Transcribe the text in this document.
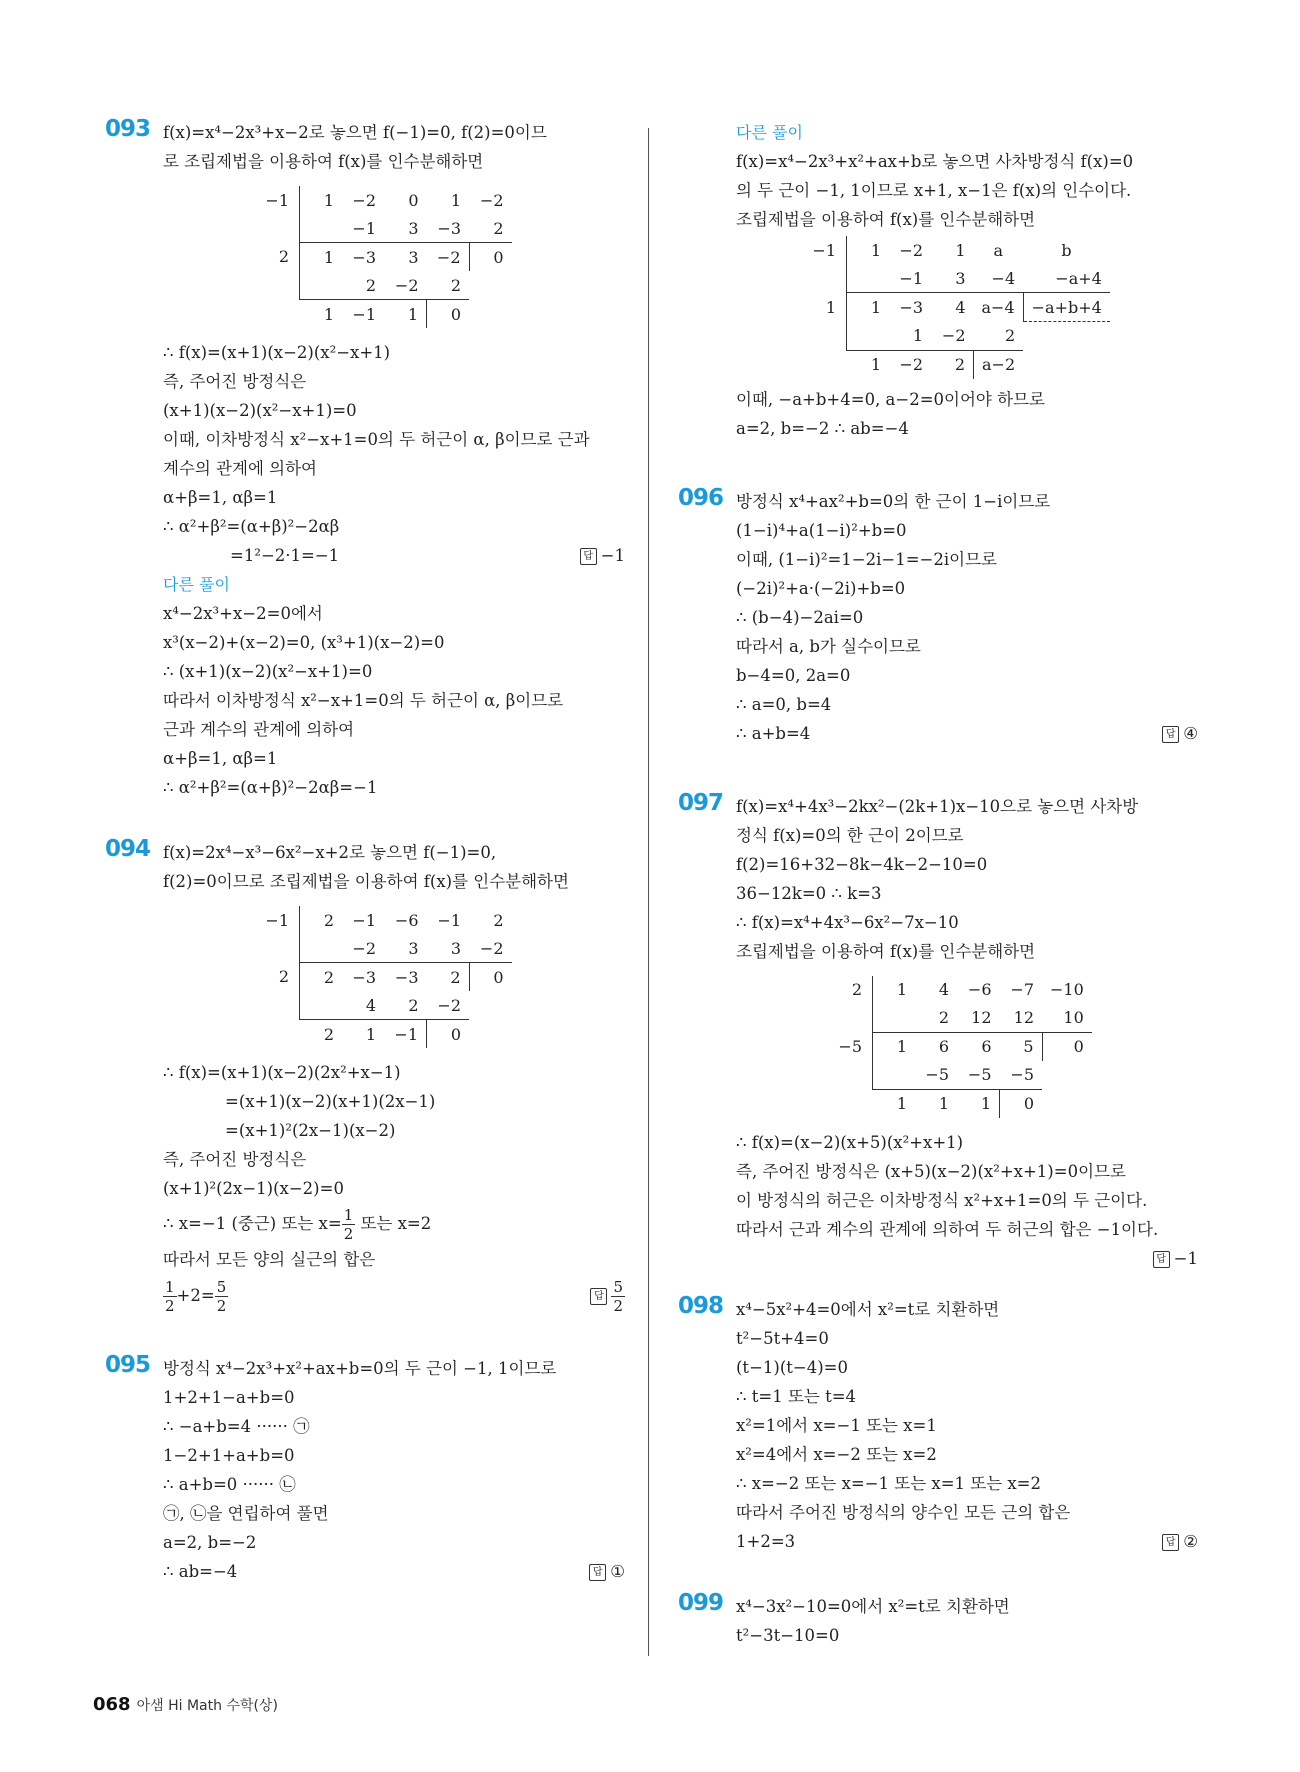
093 f(x)=x⁴−2x³+x−2로 놓으면 f(−1)=0, f(2)=0이므
로 조립제법을 이용하여 f(x)를 인수분해하면
−1	1	−2	0	1	−2
		−1	3	−3	2
2	1	−3	3	−2	0
		2	−2	2	
	1	−1	1	0	
∴ f(x)=(x+1)(x−2)(x²−x+1)
즉, 주어진 방정식은
(x+1)(x−2)(x²−x+1)=0
이때, 이차방정식 x²−x+1=0의 두 허근이 α, β이므로 근과
계수의 관계에 의하여
α+β=1, αβ=1
∴ α²+β²=(α+β)²−2αβ
=1²−2·1=−1	답 −1
다른 풀이
x⁴−2x³+x−2=0에서
x³(x−2)+(x−2)=0, (x³+1)(x−2)=0
∴ (x+1)(x−2)(x²−x+1)=0
따라서 이차방정식 x²−x+1=0의 두 허근이 α, β이므로
근과 계수의 관계에 의하여
α+β=1, αβ=1
∴ α²+β²=(α+β)²−2αβ=−1
094 f(x)=2x⁴−x³−6x²−x+2로 놓으면 f(−1)=0,
f(2)=0이므로 조립제법을 이용하여 f(x)를 인수분해하면
−1	2	−1	−6	−1	2
		−2	3	3	−2
2	2	−3	−3	2	0
		4	2	−2	
	2	1	−1	0	
∴ f(x)=(x+1)(x−2)(2x²+x−1)
=(x+1)(x−2)(x+1)(2x−1)
=(x+1)²(2x−1)(x−2)
즉, 주어진 방정식은
(x+1)²(2x−1)(x−2)=0
∴ x=−1 (중근) 또는 $x= \frac{1}{2}$ 또는 x=2
따라서 모든 양의 실근의 합은
$\frac{1}{2} +2= \frac{5}{2}$	답 $\frac{5}{2}$
095 방정식 x⁴−2x³+x²+ax+b=0의 두 근이 −1, 1이므로
1+2+1−a+b=0
∴ −a+b=4 ······ ㉠
1−2+1+a+b=0
∴ a+b=0 ······ ㉡
㉠, ㉡을 연립하여 풀면
a=2, b=−2
∴ ab=−4	답 ①
다른 풀이
f(x)=x⁴−2x³+x²+ax+b로 놓으면 사차방정식 f(x)=0
의 두 근이 −1, 1이므로 x+1, x−1은 f(x)의 인수이다.
조립제법을 이용하여 f(x)를 인수분해하면
−1	1	−2	1	a	b
		−1	3	−4	−a+4
1	1	−3	4	a−4	−a+b+4
		1	−2	2	
	1	−2	2	a−2	
이때, −a+b+4=0, a−2=0이어야 하므로
a=2, b=−2 ∴ ab=−4
096 방정식 x⁴+ax²+b=0의 한 근이 1−i이므로
(1−i)⁴+a(1−i)²+b=0
이때, (1−i)²=1−2i−1=−2i이므로
(−2i)²+a·(−2i)+b=0
∴ (b−4)−2ai=0
따라서 a, b가 실수이므로
b−4=0, 2a=0
∴ a=0, b=4
∴ a+b=4	답 ④
097 f(x)=x⁴+4x³−2kx²−(2k+1)x−10으로 놓으면 사차방
정식 f(x)=0의 한 근이 2이므로
f(2)=16+32−8k−4k−2−10=0
36−12k=0 ∴ k=3
∴ f(x)=x⁴+4x³−6x²−7x−10
조립제법을 이용하여 f(x)를 인수분해하면
2	1	4	−6	−7	−10
		2	12	12	10
−5	1	6	6	5	0
		−5	−5	−5	
	1	1	1	0	
∴ f(x)=(x−2)(x+5)(x²+x+1)
즉, 주어진 방정식은 (x+5)(x−2)(x²+x+1)=0이므로
이 방정식의 허근은 이차방정식 x²+x+1=0의 두 근이다.
따라서 근과 계수의 관계에 의하여 두 허근의 합은 −1이다.
답 −1
098 x⁴−5x²+4=0에서 x²=t로 치환하면
t²−5t+4=0
(t−1)(t−4)=0
∴ t=1 또는 t=4
x²=1에서 x=−1 또는 x=1
x²=4에서 x=−2 또는 x=2
∴ x=−2 또는 x=−1 또는 x=1 또는 x=2
따라서 주어진 방정식의 양수인 모든 근의 합은
1+2=3	답 ②
099 x⁴−3x²−10=0에서 x²=t로 치환하면
t²−3t−10=0
068 아샘 Hi Math 수학(상)
